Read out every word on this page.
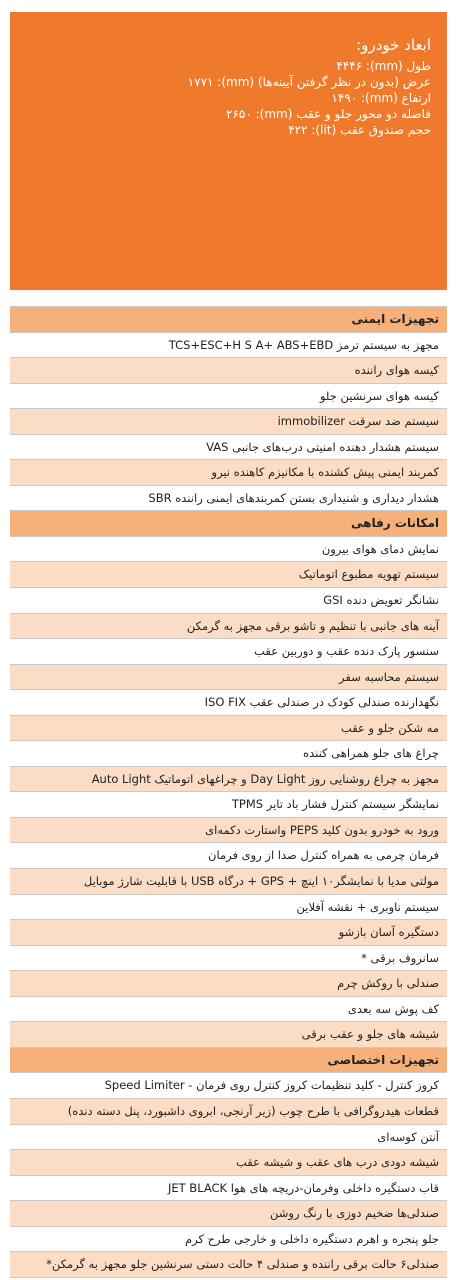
ابعاد خودرو:
طول (mm): ۴۴۴۶
عرض (بدون در نظر گرفتن آیینه‌ها) (mm): ۱۷۷۱
ارتفاع (mm): ۱۴۹۰
فاصله دو محور جلو و عقب (mm): ۲۶۵۰
حجم صندوق عقب (lit): ۴۲۲
تجهیزات ایمنی
مجهز به سیستم ترمز TCS+ESC+H S A+ ABS+EBD
کیسه هوای راننده
کیسه هوای سرنشین جلو
سیستم ضد سرقت immobilizer
سیستم هشدار دهنده امنیتی درب‌های جانبی VAS
کمربند ایمنی پیش کشنده با مکانیزم کاهنده نیرو
هشدار دیداری و شنیداری بستن کمربندهای ایمنی راننده SBR
امکانات رفاهی
نمایش دمای هوای بیرون
سیستم تهویه مطبوع اتوماتیک
نشانگر تعویض دنده GSI
آینه های جانبی با تنظیم و تاشو برقی مجهز به گرمکن
سنسور پارک دنده عقب و دوربین عقب
سیستم محاسبه سفر
نگهدارنده صندلی کودک در صندلی عقب ISO FIX
مه شکن جلو و عقب
چراغ های جلو همراهی کننده
مجهز به چراغ روشنایی روز Day Light و چراغهای اتوماتیک Auto Light
نمایشگر سیستم کنترل فشار باد تایر TPMS
ورود به خودرو بدون کلید PEPS واستارت دکمه‌ای
فرمان چرمی به همراه کنترل صدا از روی فرمان
مولتی مدیا با نمایشگر۱۰ اینچ + GPS + درگاه USB با قابلیت شارژ موبایل
سیستم ناوبری + نقشه آفلاین
دستگیره آسان بازشو
سانروف برقی *
صندلی با روکش چرم
کف پوش سه بعدی
شیشه های جلو و عقب برقی
تجهیزات اختصاصی
کروز کنترل - کلید تنظیمات کروز کنترل روی فرمان - Speed Limiter
قطعات هیدروگرافی با طرح چوب (زیر آرنجی، ابروی داشبورد، پنل دسته دنده)
آنتن کوسه‌ای
شیشه دودی درب های عقب و شیشه عقب
قاب دستگیره داخلی وفرمان-دریچه های هوا JET BLACK
صندلی‌ها ضخیم دوزی با رنگ روشن
جلو پنجره و اهرم دستگیره داخلی و خارجی طرح کرم
صندلی۶ حالت برقی راننده و صندلی ۴ حالت دستی سرنشین جلو مجهز به گرمکن*
